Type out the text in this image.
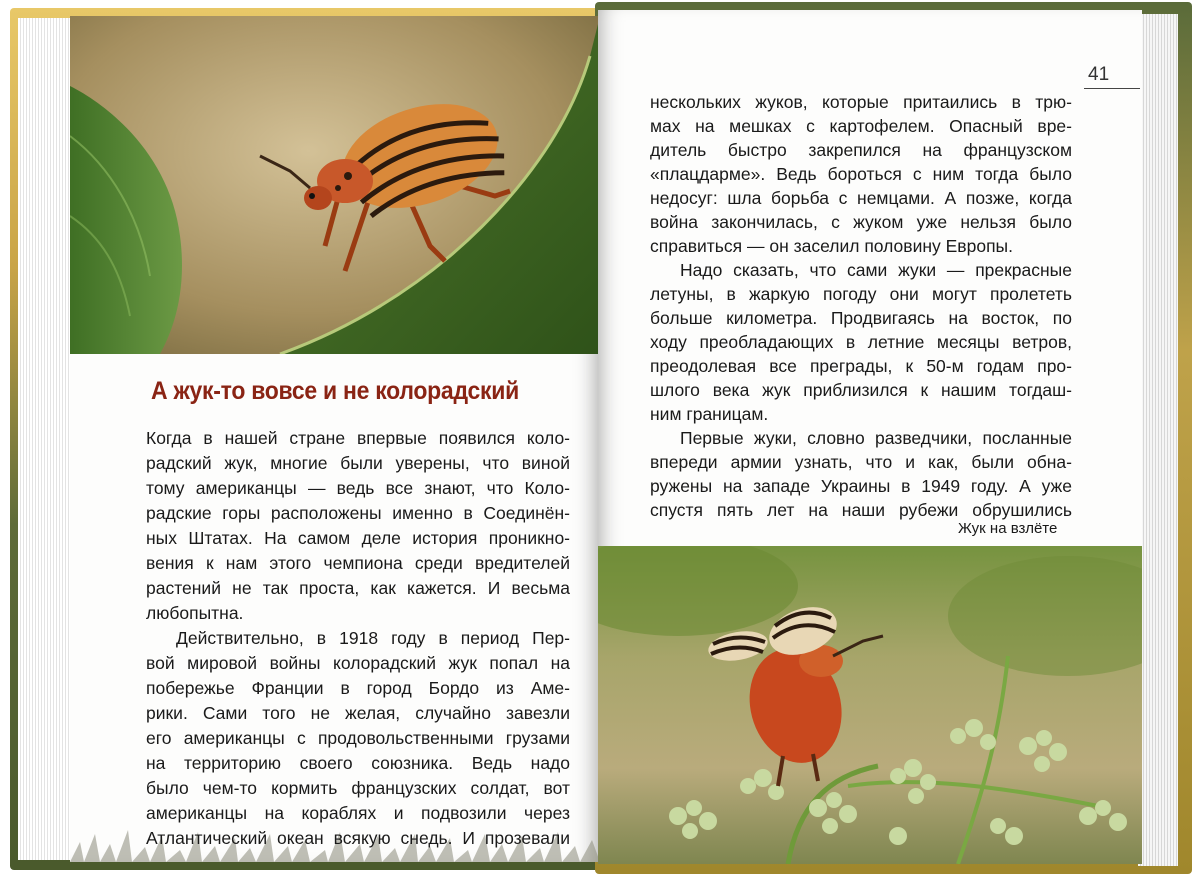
А жук-то вовсе и не колорадский
Когда в нашей стране впервые появился коло-
радский жук, многие были уверены, что виной
тому американцы — ведь все знают, что Коло-
радские горы расположены именно в Соединён-
ных Штатах. На самом деле история проникно-
вения к нам этого чемпиона среди вредителей
растений не так проста, как кажется. И весьма
любопытна.
Действительно, в 1918 году в период Пер-
вой мировой войны колорадский жук попал на
побережье Франции в город Бордо из Аме-
рики. Сами того не желая, случайно завезли
его американцы с продовольственными грузами
на территорию своего союзника. Ведь надо
было чем-то кормить французских солдат, вот
американцы на кораблях и подвозили через
Атлантический океан всякую снедь. И прозевали
41
нескольких жуков, которые притаились в трю-
мах на мешках с картофелем. Опасный вре-
дитель быстро закрепился на французском
«плацдарме». Ведь бороться с ним тогда было
недосуг: шла борьба с немцами. А позже, когда
война закончилась, с жуком уже нельзя было
справиться — он заселил половину Европы.
Надо сказать, что сами жуки — прекрасные
летуны, в жаркую погоду они могут пролететь
больше километра. Продвигаясь на восток, по
ходу преобладающих в летние месяцы ветров,
преодолевая все преграды, к 50-м годам про-
шлого века жук приблизился к нашим тогдаш-
ним границам.
Первые жуки, словно разведчики, посланные
впереди армии узнать, что и как, были обна-
ружены на западе Украины в 1949 году. А уже
спустя пять лет на наши рубежи обрушились
Жук на взлёте
